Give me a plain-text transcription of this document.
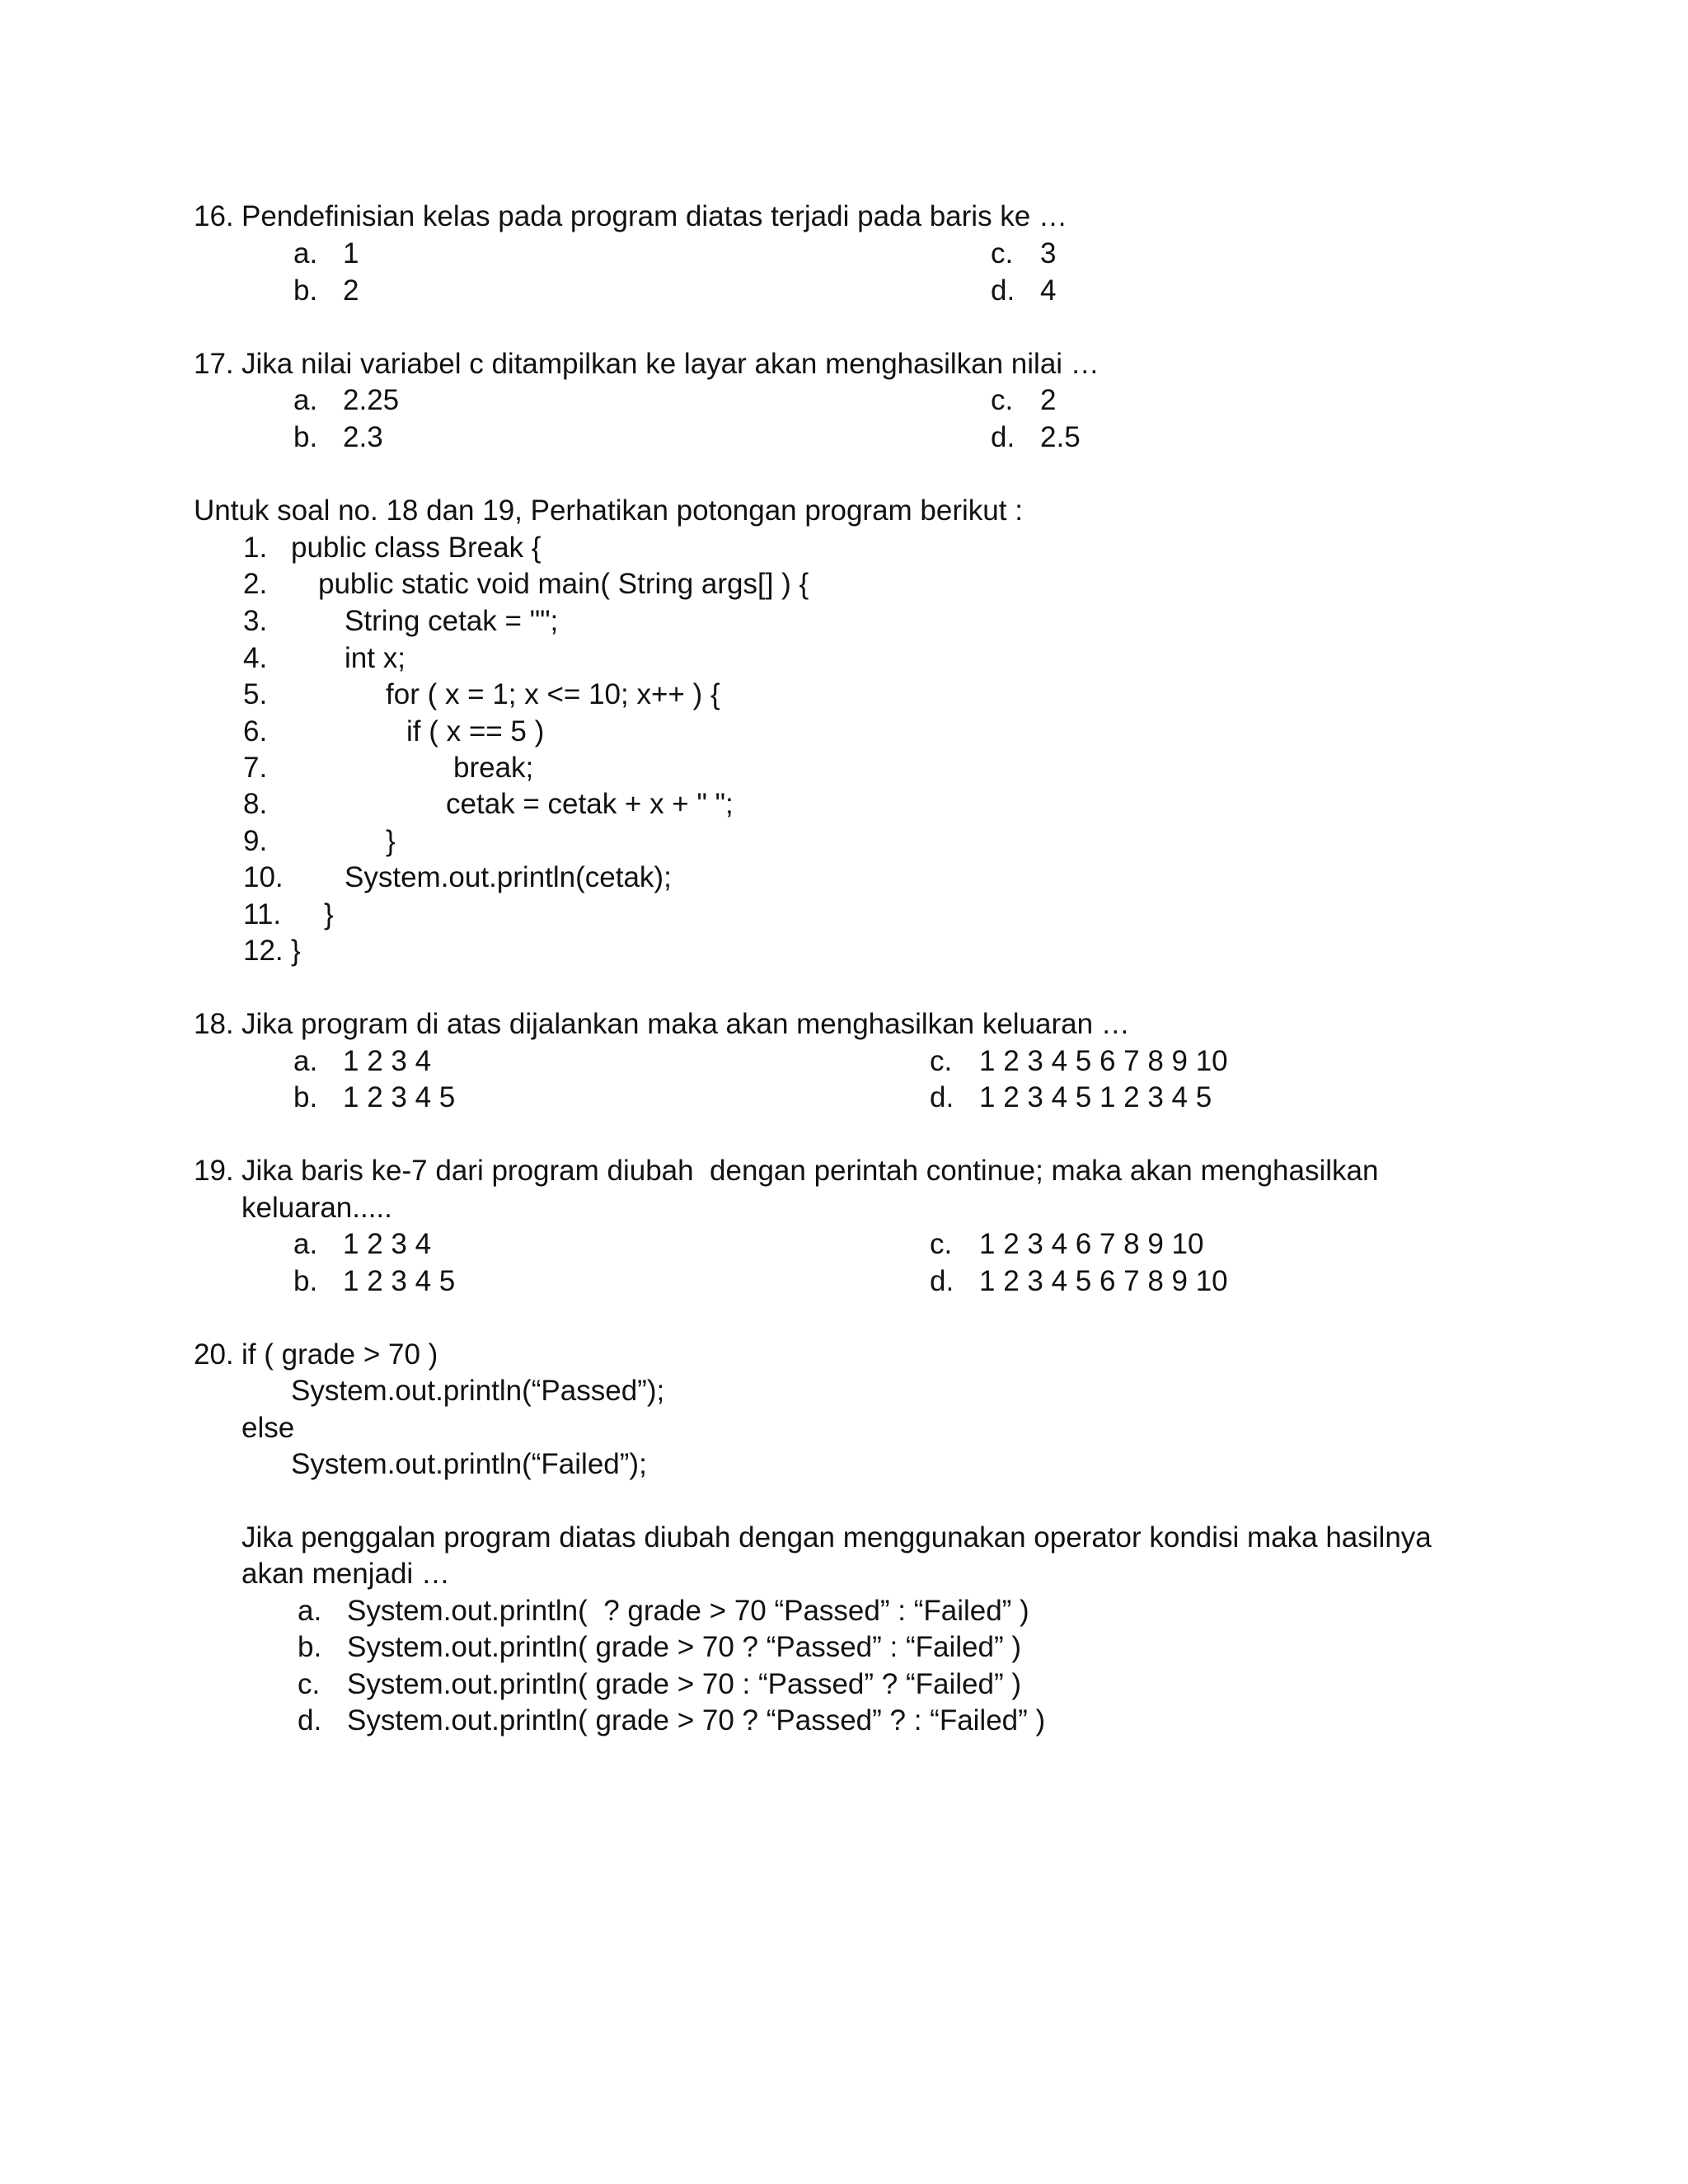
16. Pendefinisian kelas pada program diatas terjadi pada baris ke …
a. 1
b. 2
c. 3
d. 4
17. Jika nilai variabel c ditampilkan ke layar akan menghasilkan nilai …
a. 2.25
b. 2.3
c. 2
d. 2.5
Untuk soal no. 18 dan 19, Perhatikan potongan program berikut :
1. public class Break {
2. public static void main( String args[] ) {
3.	String cetak = "";
4.	int x;
5.	for ( x = 1; x <= 10; x++ ) {
6.	if ( x == 5 )
7.	break;
8.	cetak = cetak + x + " ";
9.	}
10. System.out.println(cetak);
11. }
12. }
18. Jika program di atas dijalankan maka akan menghasilkan keluaran …
a. 1 2 3 4
b. 1 2 3 4 5
c. 1 2 3 4 5 6 7 8 9 10
d. 1 2 3 4 5 1 2 3 4 5
19. Jika baris ke-7 dari program diubah  dengan perintah continue; maka akan menghasilkan
keluaran.....
a. 1 2 3 4
b. 1 2 3 4 5
c. 1 2 3 4 6 7 8 9 10
d. 1 2 3 4 5 6 7 8 9 10
20. if ( grade > 70 )
System.out.println(“Passed”);
else
System.out.println(“Failed”);
Jika penggalan program diatas diubah dengan menggunakan operator kondisi maka hasilnya
akan menjadi …
a. System.out.println(  ? grade > 70 “Passed” : “Failed” )
b. System.out.println( grade > 70 ? “Passed” : “Failed” )
c. System.out.println( grade > 70 : “Passed” ? “Failed” )
d. System.out.println( grade > 70 ? “Passed” ? : “Failed” )
